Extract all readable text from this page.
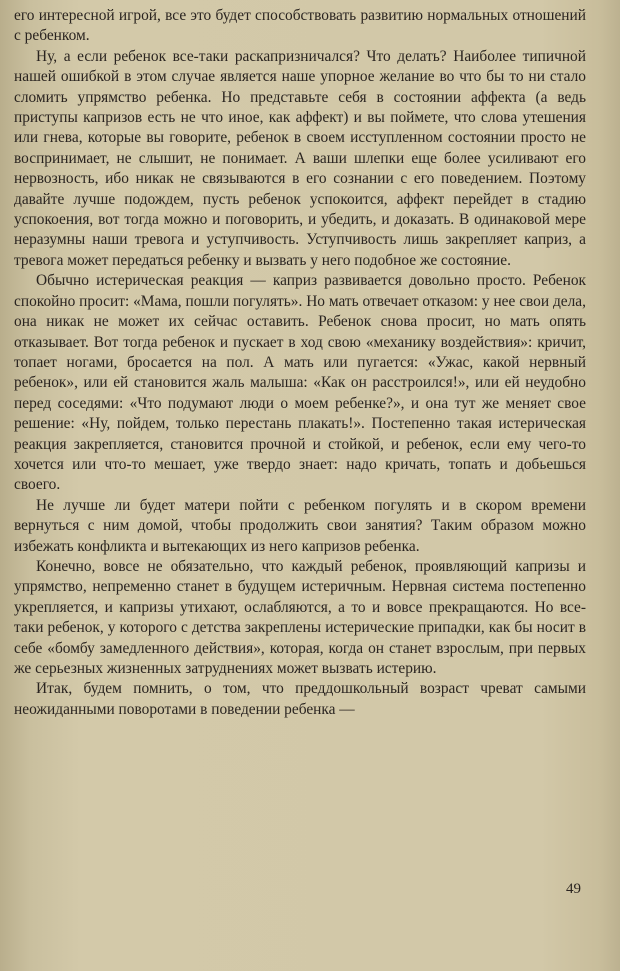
его интересной игрой, все это будет способствовать развитию нормальных отношений с ребенком.

Ну, а если ребенок все-таки раскапризничался? Что делать? Наиболее типичной нашей ошибкой в этом случае является наше упорное желание во что бы то ни стало сломить упрямство ребенка. Но представьте себя в состоянии аффекта (а ведь приступы капризов есть не что иное, как аффект) и вы поймете, что слова утешения или гнева, которые вы говорите, ребенок в своем исступленном состоянии просто не воспринимает, не слышит, не понимает. А ваши шлепки еще более усиливают его нервозность, ибо никак не связываются в его сознании с его поведением. Поэтому давайте лучше подождем, пусть ребенок успокоится, аффект перейдет в стадию успокоения, вот тогда можно и поговорить, и убедить, и доказать. В одинаковой мере неразумны наши тревога и уступчивость. Уступчивость лишь закрепляет каприз, а тревога может передаться ребенку и вызвать у него подобное же состояние.

Обычно истерическая реакция — каприз развивается довольно просто. Ребенок спокойно просит: «Мама, пошли погулять». Но мать отвечает отказом: у нее свои дела, она никак не может их сейчас оставить. Ребенок снова просит, но мать опять отказывает. Вот тогда ребенок и пускает в ход свою «механику воздействия»: кричит, топает ногами, бросается на пол. А мать или пугается: «Ужас, какой нервный ребенок», или ей становится жаль малыша: «Как он расстроился!», или ей неудобно перед соседями: «Что подумают люди о моем ребенке?», и она тут же меняет свое решение: «Ну, пойдем, только перестань плакать!». Постепенно такая истерическая реакция закрепляется, становится прочной и стойкой, и ребенок, если ему чего-то хочется или что-то мешает, уже твердо знает: надо кричать, топать и добьешься своего.

Не лучше ли будет матери пойти с ребенком погулять и в скором времени вернуться с ним домой, чтобы продолжить свои занятия? Таким образом можно избежать конфликта и вытекающих из него капризов ребенка.

Конечно, вовсе не обязательно, что каждый ребенок, проявляющий капризы и упрямство, непременно станет в будущем истеричным. Нервная система постепенно укрепляется, и капризы утихают, ослабляются, а то и вовсе прекращаются. Но все-таки ребенок, у которого с детства закреплены истерические припадки, как бы носит в себе «бомбу замедленного действия», которая, когда он станет взрослым, при первых же серьезных жизненных затруднениях может вызвать истерию.

Итак, будем помнить, о том, что преддошкольный возраст чреват самыми неожиданными поворотами в поведении ребенка —

49
